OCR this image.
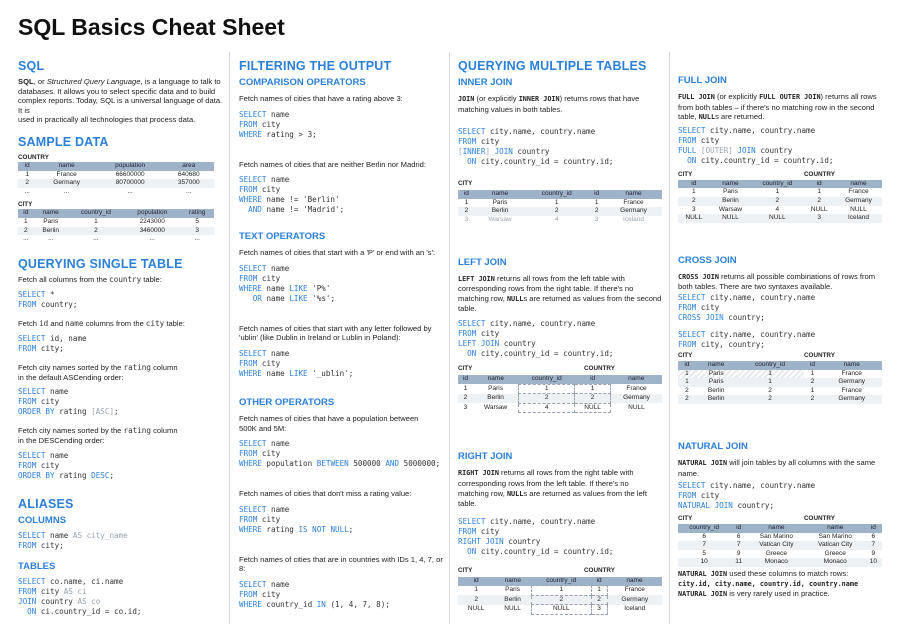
SQL Basics Cheat Sheet
SQL
SQL, or Structured Query Language, is a language to talk to
databases. It allows you to select specific data and to build
complex reports. Today, SQL is a universal language of data. It is
used in practically all technologies that process data.
SAMPLE DATA
COUNTRY
id	name	population	area
1	France	66600000	640680
2	Germany	80700000	357000
...	...	...	...
CITY
id	name	country_id	population	rating
1	Paris	1	2243000	5
2	Berlin	2	3460000	3
...	...	...	...	...
QUERYING SINGLE TABLE
Fetch all columns from the country table:
SELECT *
FROM country;
Fetch id and name columns from the city table:
SELECT id, name
FROM city;
Fetch city names sorted by the rating column
in the default ASCending order:
SELECT name
FROM city
ORDER BY rating [ASC];
Fetch city names sorted by the rating column
in the DESCending order:
SELECT name
FROM city
ORDER BY rating DESC;
ALIASES
COLUMNS
SELECT name AS city_name
FROM city;
TABLES
SELECT co.name, ci.name
FROM city AS ci
JOIN country AS co
ON ci.country_id = co.id;
FILTERING THE OUTPUT
COMPARISON OPERATORS
Fetch names of cities that have a rating above 3:
SELECT name
FROM city
WHERE rating > 3;
Fetch names of cities that are neither Berlin nor Madrid:
SELECT name
FROM city
WHERE name != 'Berlin'
AND name != 'Madrid';
TEXT OPERATORS
Fetch names of cities that start with a 'P' or end with an 's':
SELECT name
FROM city
WHERE name LIKE 'P%'
OR name LIKE '%s';
Fetch names of cities that start with any letter followed by
'ublin' (like Dublin in Ireland or Lublin in Poland):
SELECT name
FROM city
WHERE name LIKE '_ublin';
OTHER OPERATORS
Fetch names of cities that have a population between
500K and 5M:
SELECT name
FROM city
WHERE population BETWEEN 500000 AND 5000000;
Fetch names of cities that don't miss a rating value:
SELECT name
FROM city
WHERE rating IS NOT NULL;
Fetch names of cities that are in countries with IDs 1, 4, 7, or 8:
SELECT name
FROM city
WHERE country_id IN (1, 4, 7, 8);
QUERYING MULTIPLE TABLES
INNER JOIN
JOIN (or explicitly INNER JOIN) returns rows that have
matching values in both tables.
SELECT city.name, country.name
FROM city
[INNER] JOIN country
ON city.country_id = country.id;
CITY
id	name	country_id	id	name
1	Paris	1	1	France
2	Berlin	2	2	Germany
3	Warsaw	4	3	Iceland
LEFT JOIN
LEFT JOIN returns all rows from the left table with
corresponding rows from the right table. If there's no
matching row, NULLs are returned as values from the second
table.
SELECT city.name, country.name
FROM city
LEFT JOIN country
ON city.country_id = country.id;
CITY	COUNTRY
id	name	country_id	id	name
1	Paris	1	1	France
2	Berlin	2	2	Germany
3	Warsaw	4	NULL	NULL
RIGHT JOIN
RIGHT JOIN returns all rows from the right table with
corresponding rows from the left table. If there's no
matching row, NULLs are returned as values from the left
table.
SELECT city.name, country.name
FROM city
RIGHT JOIN country
ON city.country_id = country.id;
CITY	COUNTRY
id	name	country_id	id	name
1	Paris	1	1	France
2	Berlin	2	2	Germany
NULL	NULL	NULL	3	Iceland
FULL JOIN
FULL JOIN (or explicitly FULL OUTER JOIN) returns all rows
from both tables – if there's no matching row in the second
table, NULLs are returned.
SELECT city.name, country.name
FROM city
FULL [OUTER] JOIN country
ON city.country_id = country.id;
CITY	COUNTRY
id	name	country_id	id	name
1	Paris	1	1	France
2	Berlin	2	2	Germany
3	Warsaw	4	NULL	NULL
NULL	NULL	NULL	3	Iceland
CROSS JOIN
CROSS JOIN returns all possible combinations of rows from
both tables. There are two syntaxes available.
SELECT city.name, country.name
FROM city
CROSS JOIN country;
SELECT city.name, country.name
FROM city, country;
CITY	COUNTRY
id	name	country_id	id	name
1	Paris	1	1	France
1	Paris	1	2	Germany
2	Berlin	2	1	France
2	Berlin	2	2	Germany
NATURAL JOIN
NATURAL JOIN will join tables by all columns with the same
name.
SELECT city.name, country.name
FROM city
NATURAL JOIN country;
CITY	COUNTRY
country_id	id	name	name	id
6	6	San Marino	San Marino	6
7	7	Vatican City	Vatican City	7
5	9	Greece	Greece	9
10	11	Monaco	Monaco	10
NATURAL JOIN used these columns to match rows:
city.id, city.name, country.id, country.name
NATURAL JOIN is very rarely used in practice.
